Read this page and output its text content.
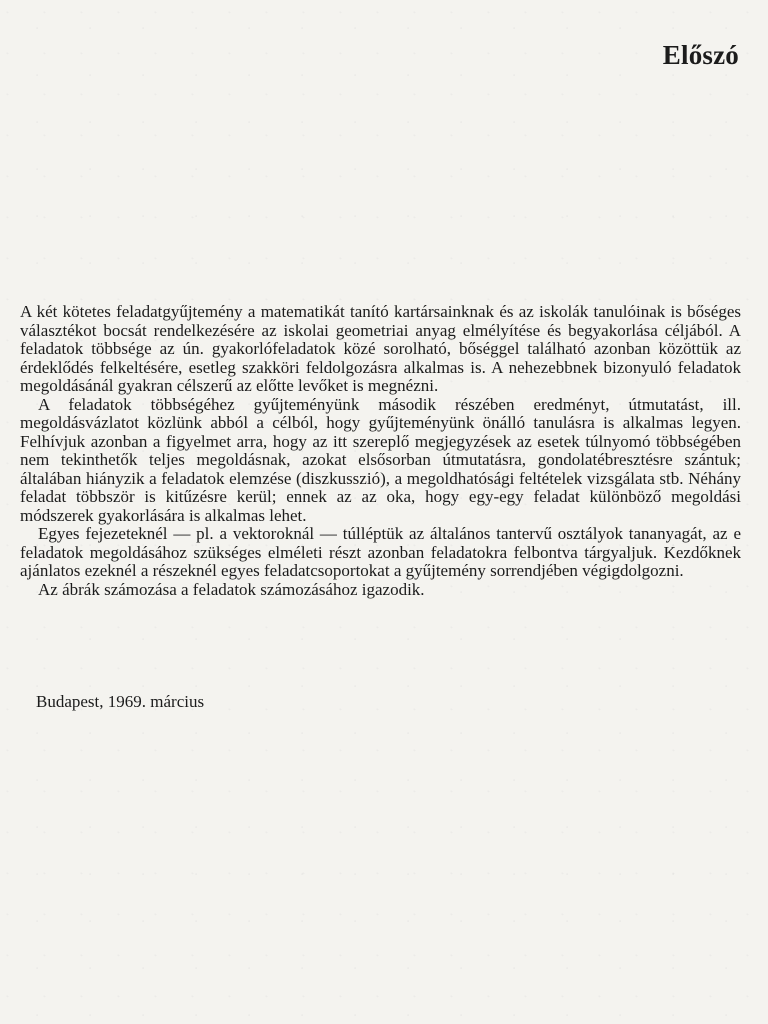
Előszó

A két kötetes feladatgyűjtemény a matematikát tanító kartársainknak és az iskolák tanulóinak is bőséges választékot bocsát rendelkezésére az iskolai geometriai anyag elmélyítése és begyakorlása céljából. A feladatok többsége az ún. gyakorlófeladatok közé sorolható, bőséggel található azonban közöttük az érdeklődés felkeltésére, esetleg szakköri feldolgozásra alkalmas is. A nehezebbnek bizonyuló feladatok megoldásánál gyakran célszerű az előtte levőket is megnézni.

A feladatok többségéhez gyűjteményünk második részében eredményt, útmutatást, ill. megoldásvázlatot közlünk abból a célból, hogy gyűjteményünk önálló tanulásra is alkalmas legyen. Felhívjuk azonban a figyelmet arra, hogy az itt szereplő megjegyzések az esetek túlnyomó többségében nem tekinthetők teljes megoldásnak, azokat elsősorban útmutatásra, gondolatébresztésre szántuk; általában hiányzik a feladatok elemzése (diszkusszió), a megoldhatósági feltételek vizsgálata stb. Néhány feladat többször is kitűzésre kerül; ennek az az oka, hogy egy-egy feladat különböző megoldási módszerek gyakorlására is alkalmas lehet.

Egyes fejezeteknél — pl. a vektoroknál — túlléptük az általános tantervű osztályok tananyagát, az e feladatok megoldásához szükséges elméleti részt azonban feladatokra felbontva tárgyaljuk. Kezdőknek ajánlatos ezeknél a részeknél egyes feladatcsoportokat a gyűjtemény sorrendjében végigdolgozni.

Az ábrák számozása a feladatok számozásához igazodik.

Budapest, 1969. március
